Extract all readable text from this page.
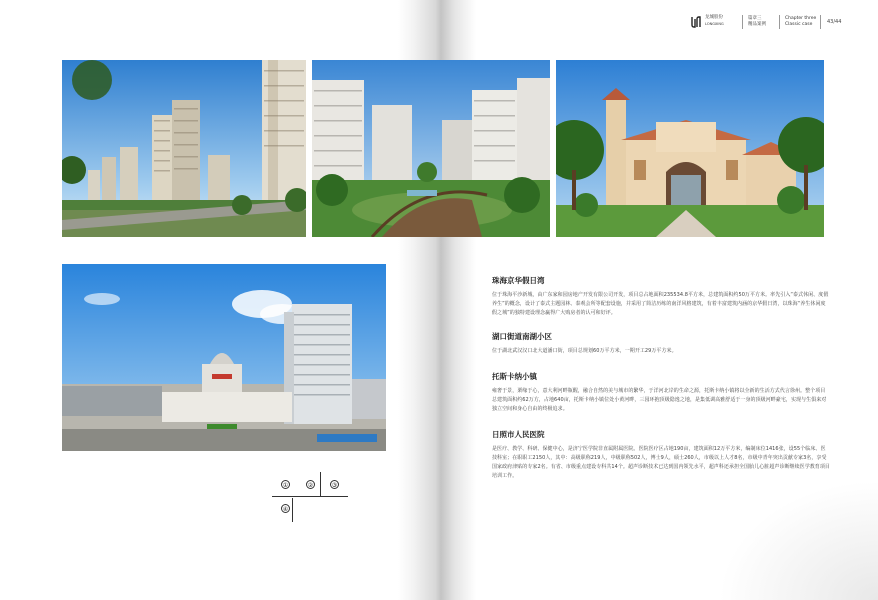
龙城股份
LONGXING
篇章三
精品案例
Chapter three
Classic case	43/44
①	②	③
④

珠海京华假日湾

位于珠海平沙新城，由广东家和园房地产开发有限公司开发，项目总占地面积235534.8平方米，总建筑面积约50万平方米。率先引入“泰式休闲、度假养生”的概念，设计了泰式主题园林、泰观会所等配套设施，并采用了简洁历练的南洋风格建筑，有着丰富建筑内涵的京华假日湾，以珠海“养生休闲度假之城”的独特建设理念赢得广大购房者的认可和好评。

湖口街道南湖小区

位于湖北武汉汉口北大道潘口街，项目总规划60万平方米，一期开工29万平方米。

托斯卡纳小镇

雍奢于景，栗缘于心，意大利河畔瓶醒，融合自然的美与城市的繁华，于洋河北岸的生命之源，托斯卡纳小镇将以全新的生活方式代言徐州。整个项目总建筑面积约62万方，占地640亩，托斯卡纳小镇位处小黄河畔，三园环抱顶级隐逸之地，是集低调高雅舒适于一身的顶级河畔豪宅，实现与生俱来对独立空间和身心自由的终极追求。

日照市人民医院

是医疗、教学、科研、保健中心，是济宁医学院非直属附属医院。医院医疗区占地190亩，建筑面积12万平方米，编制床位1416张，设55个临床、医技科室；在职职工2150人，其中：高级职称219人，中级职称502人，博士9人，硕士260人，市级以上人才8名，市级中青年突出贡献专家3名，享受国家政府津贴的专家2名。有省、市级重点建设专科共14个。超声诊断技术已达到国内领先水平，超声科还承担全国胎儿心脏超声诊断继续医学教育项目培训工作。
